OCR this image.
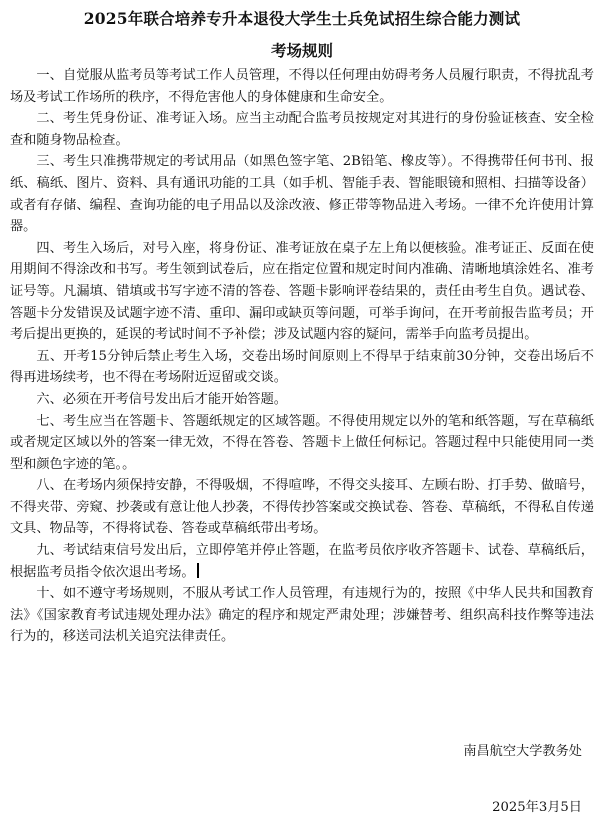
2025年联合培养专升本退役大学生士兵免试招生综合能力测试
考场规则

一、自觉服从监考员等考试工作人员管理，不得以任何理由妨碍考务人员履行职责，不得扰乱考场及考试工作场所的秩序，不得危害他人的身体健康和生命安全。

二、考生凭身份证、准考证入场。应当主动配合监考员按规定对其进行的身份验证核查、安全检查和随身物品检查。

三、考生只准携带规定的考试用品（如黑色签字笔、2B铅笔、橡皮等）。不得携带任何书刊、报纸、稿纸、图片、资料、具有通讯功能的工具（如手机、智能手表、智能眼镜和照相、扫描等设备）或者有存储、编程、查询功能的电子用品以及涂改液、修正带等物品进入考场。一律不允许使用计算器。

四、考生入场后，对号入座，将身份证、准考证放在桌子左上角以便核验。准考证正、反面在使用期间不得涂改和书写。考生领到试卷后，应在指定位置和规定时间内准确、清晰地填涂姓名、准考证号等。凡漏填、错填或书写字迹不清的答卷、答题卡影响评卷结果的，责任由考生自负。遇试卷、答题卡分发错误及试题字迹不清、重印、漏印或缺页等问题，可举手询问，在开考前报告监考员；开考后提出更换的，延误的考试时间不予补偿；涉及试题内容的疑问，需举手向监考员提出。

五、开考15分钟后禁止考生入场，交卷出场时间原则上不得早于结束前30分钟，交卷出场后不得再进场续考，也不得在考场附近逗留或交谈。

六、必须在开考信号发出后才能开始答题。

七、考生应当在答题卡、答题纸规定的区域答题。不得使用规定以外的笔和纸答题，写在草稿纸或者规定区域以外的答案一律无效，不得在答卷、答题卡上做任何标记。答题过程中只能使用同一类型和颜色字迹的笔。。

八、在考场内须保持安静，不得吸烟，不得喧哗，不得交头接耳、左顾右盼、打手势、做暗号，不得夹带、旁窥、抄袭或有意让他人抄袭，不得传抄答案或交换试卷、答卷、草稿纸，不得私自传递文具、物品等，不得将试卷、答卷或草稿纸带出考场。

九、考试结束信号发出后，立即停笔并停止答题，在监考员依序收齐答题卡、试卷、草稿纸后，根据监考员指令依次退出考场。

十、如不遵守考场规则，不服从考试工作人员管理，有违规行为的，按照《中华人民共和国教育法》《国家教育考试违规处理办法》确定的程序和规定严肃处理；涉嫌替考、组织高科技作弊等违法行为的，移送司法机关追究法律责任。

南昌航空大学教务处
2025年3月5日
